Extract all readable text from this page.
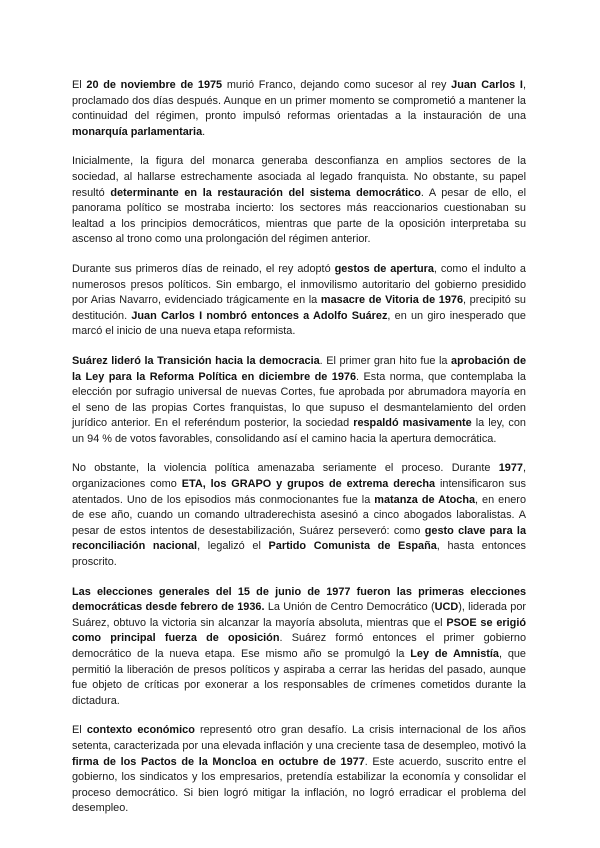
El 20 de noviembre de 1975 murió Franco, dejando como sucesor al rey Juan Carlos I, proclamado dos días después. Aunque en un primer momento se comprometió a mantener la continuidad del régimen, pronto impulsó reformas orientadas a la instauración de una monarquía parlamentaria.

Inicialmente, la figura del monarca generaba desconfianza en amplios sectores de la sociedad, al hallarse estrechamente asociada al legado franquista. No obstante, su papel resultó determinante en la restauración del sistema democrático. A pesar de ello, el panorama político se mostraba incierto: los sectores más reaccionarios cuestionaban su lealtad a los principios democráticos, mientras que parte de la oposición interpretaba su ascenso al trono como una prolongación del régimen anterior.

Durante sus primeros días de reinado, el rey adoptó gestos de apertura, como el indulto a numerosos presos políticos. Sin embargo, el inmovilismo autoritario del gobierno presidido por Arias Navarro, evidenciado trágicamente en la masacre de Vitoria de 1976, precipitó su destitución. Juan Carlos I nombró entonces a Adolfo Suárez, en un giro inesperado que marcó el inicio de una nueva etapa reformista.

Suárez lideró la Transición hacia la democracia. El primer gran hito fue la aprobación de la Ley para la Reforma Política en diciembre de 1976. Esta norma, que contemplaba la elección por sufragio universal de nuevas Cortes, fue aprobada por abrumadora mayoría en el seno de las propias Cortes franquistas, lo que supuso el desmantelamiento del orden jurídico anterior. En el referéndum posterior, la sociedad respaldó masivamente la ley, con un 94 % de votos favorables, consolidando así el camino hacia la apertura democrática.

No obstante, la violencia política amenazaba seriamente el proceso. Durante 1977, organizaciones como ETA, los GRAPO y grupos de extrema derecha intensificaron sus atentados. Uno de los episodios más conmocionantes fue la matanza de Atocha, en enero de ese año, cuando un comando ultraderechista asesinó a cinco abogados laboralistas. A pesar de estos intentos de desestabilización, Suárez perseveró: como gesto clave para la reconciliación nacional, legalizó el Partido Comunista de España, hasta entonces proscrito.

Las elecciones generales del 15 de junio de 1977 fueron las primeras elecciones democráticas desde febrero de 1936. La Unión de Centro Democrático (UCD), liderada por Suárez, obtuvo la victoria sin alcanzar la mayoría absoluta, mientras que el PSOE se erigió como principal fuerza de oposición. Suárez formó entonces el primer gobierno democrático de la nueva etapa. Ese mismo año se promulgó la Ley de Amnistía, que permitió la liberación de presos políticos y aspiraba a cerrar las heridas del pasado, aunque fue objeto de críticas por exonerar a los responsables de crímenes cometidos durante la dictadura.

El contexto económico representó otro gran desafío. La crisis internacional de los años setenta, caracterizada por una elevada inflación y una creciente tasa de desempleo, motivó la firma de los Pactos de la Moncloa en octubre de 1977. Este acuerdo, suscrito entre el gobierno, los sindicatos y los empresarios, pretendía estabilizar la economía y consolidar el proceso democrático. Si bien logró mitigar la inflación, no logró erradicar el problema del desempleo.
